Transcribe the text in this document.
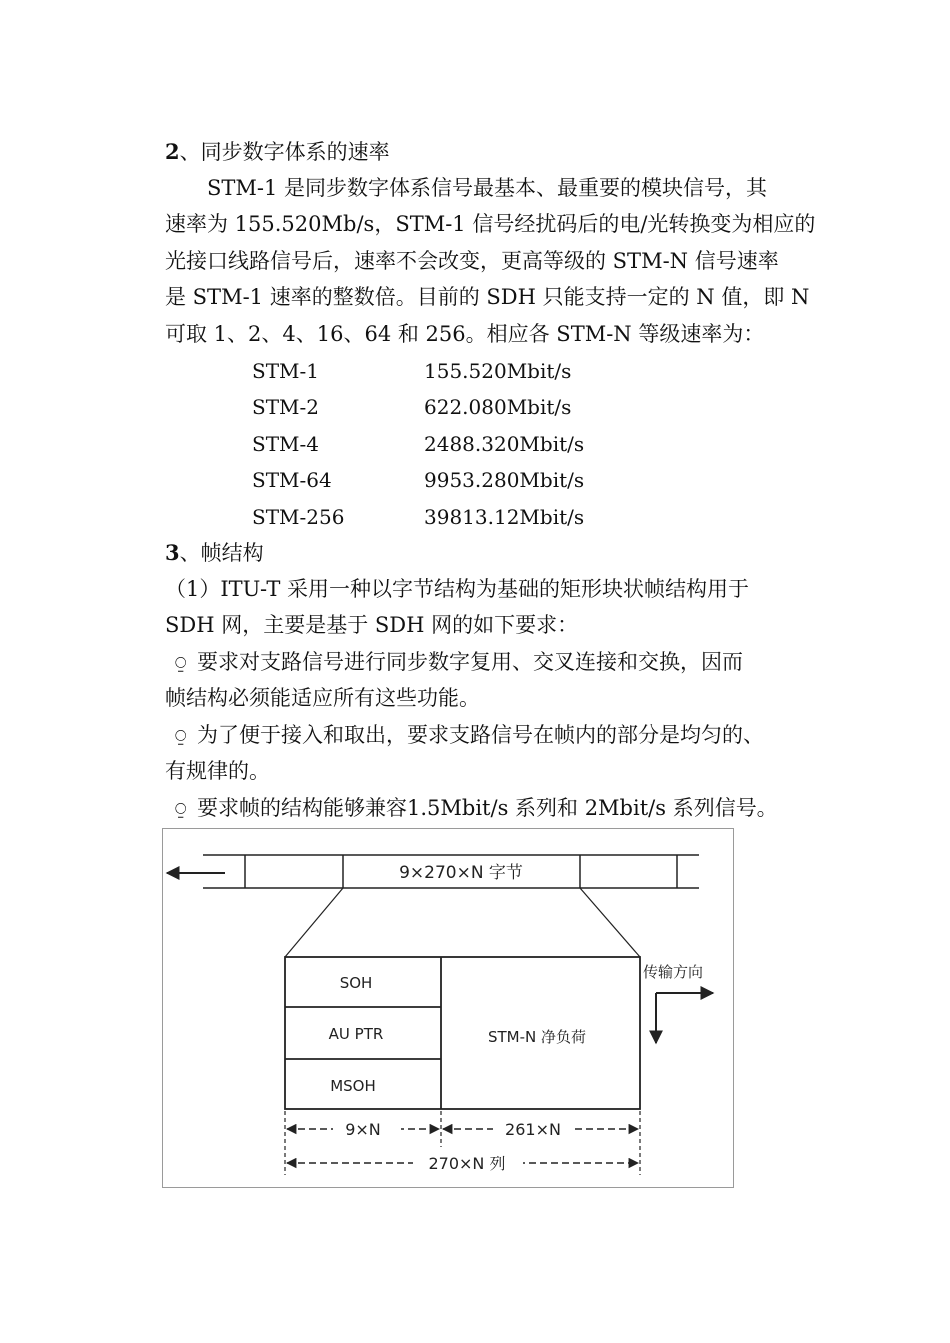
2、同步数字体系的速率
STM-1 是同步数字体系信号最基本、最重要的模块信号，其
速率为 155.520Mb/s，STM-1 信号经扰码后的电/光转换变为相应的
光接口线路信号后，速率不会改变，更高等级的 STM-N 信号速率
是 STM-1 速率的整数倍。目前的 SDH 只能支持一定的 N 值，即 N
可取 1、2、4、16、64 和 256。相应各 STM-N 等级速率为：
STM-1	155.520Mbit/s
STM-2	622.080Mbit/s
STM-4	2488.320Mbit/s
STM-64	9953.280Mbit/s
STM-256	39813.12Mbit/s
3、帧结构
（1）ITU-T 采用一种以字节结构为基础的矩形块状帧结构用于
SDH 网，主要是基于 SDH 网的如下要求：
⍜ 要求对支路信号进行同步数字复用、交叉连接和交换，因而
帧结构必须能适应所有这些功能。
⍜ 为了便于接入和取出，要求支路信号在帧内的部分是均匀的、
有规律的。
⍜ 要求帧的结构能够兼容1.5Mbit/s 系列和 2Mbit/s 系列信号。
9×270×N 字节
SOH
AU PTR
MSOH
STM-N 净负荷
传输方向
9×N	261×N
270×N 列
